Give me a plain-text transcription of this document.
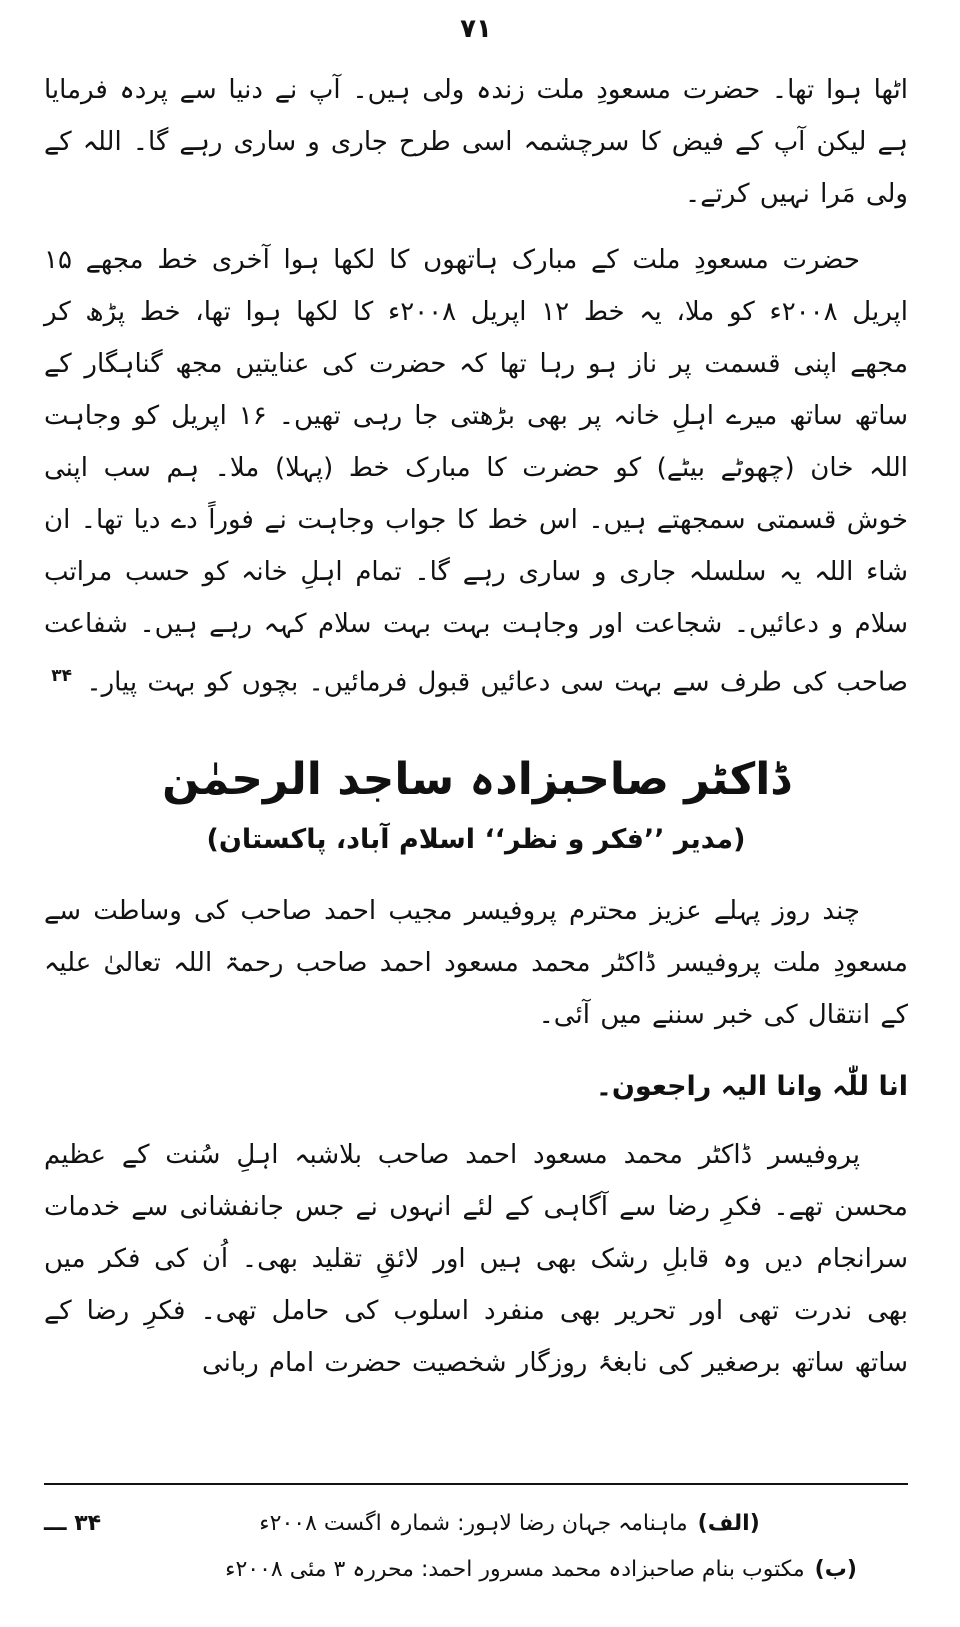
۷۱

اٹھا ہوا تھا۔ حضرت مسعودِ ملت زندہ ولی ہیں۔ آپ نے دنیا سے پردہ فرمایا ہے لیکن آپ کے فیض کا سرچشمہ اسی طرح جاری و ساری رہے گا۔ اللہ کے ولی مَرا نہیں کرتے۔

حضرت مسعودِ ملت کے مبارک ہاتھوں کا لکھا ہوا آخری خط مجھے ۱۵ اپریل ۲۰۰۸ء کو ملا، یہ خط ۱۲ اپریل ۲۰۰۸ء کا لکھا ہوا تھا، خط پڑھ کر مجھے اپنی قسمت پر ناز ہو رہا تھا کہ حضرت کی عنایتیں مجھ گناہگار کے ساتھ ساتھ میرے اہلِ خانہ پر بھی بڑھتی جا رہی تھیں۔ ۱۶ اپریل کو وجاہت اللہ خان (چھوٹے بیٹے) کو حضرت کا مبارک خط (پہلا) ملا۔ ہم سب اپنی خوش قسمتی سمجھتے ہیں۔ اس خط کا جواب وجاہت نے فوراً دے دیا تھا۔ ان شاء اللہ یہ سلسلہ جاری و ساری رہے گا۔ تمام اہلِ خانہ کو حسب مراتب سلام و دعائیں۔ شجاعت اور وجاہت بہت بہت سلام کہہ رہے ہیں۔ شفاعت صاحب کی طرف سے بہت سی دعائیں قبول فرمائیں۔ بچوں کو بہت پیار۔ $^{۳۴}$

ڈاکٹر صاحبزادہ ساجد الرحمٰن
(مدیر ’’فکر و نظر‘‘ اسلام آباد، پاکستان)

چند روز پہلے عزیز محترم پروفیسر مجیب احمد صاحب کی وساطت سے مسعودِ ملت پروفیسر ڈاکٹر محمد مسعود احمد صاحب رحمۃ اللہ تعالیٰ علیہ کے انتقال کی خبر سننے میں آئی۔

انا للّٰہ وانا الیہ راجعون۔

پروفیسر ڈاکٹر محمد مسعود احمد صاحب بلاشبہ اہلِ سُنت کے عظیم محسن تھے۔ فکرِ رضا سے آگاہی کے لئے انہوں نے جس جانفشانی سے خدمات سرانجام دیں وہ قابلِ رشک بھی ہیں اور لائقِ تقلید بھی۔ اُن کی فکر میں بھی ندرت تھی اور تحریر بھی منفرد اسلوب کی حامل تھی۔ فکرِ رضا کے ساتھ ساتھ برصغیر کی نابغۂ روزگار شخصیت حضرت امام ربانی

۳۴ ـــ	(الف)ماہنامہ جہان رضا لاہور: شمارہ اگست ۲۰۰۸ء
(ب)مکتوب بنام صاحبزادہ محمد مسرور احمد: محررہ ۳ مئی ۲۰۰۸ء
